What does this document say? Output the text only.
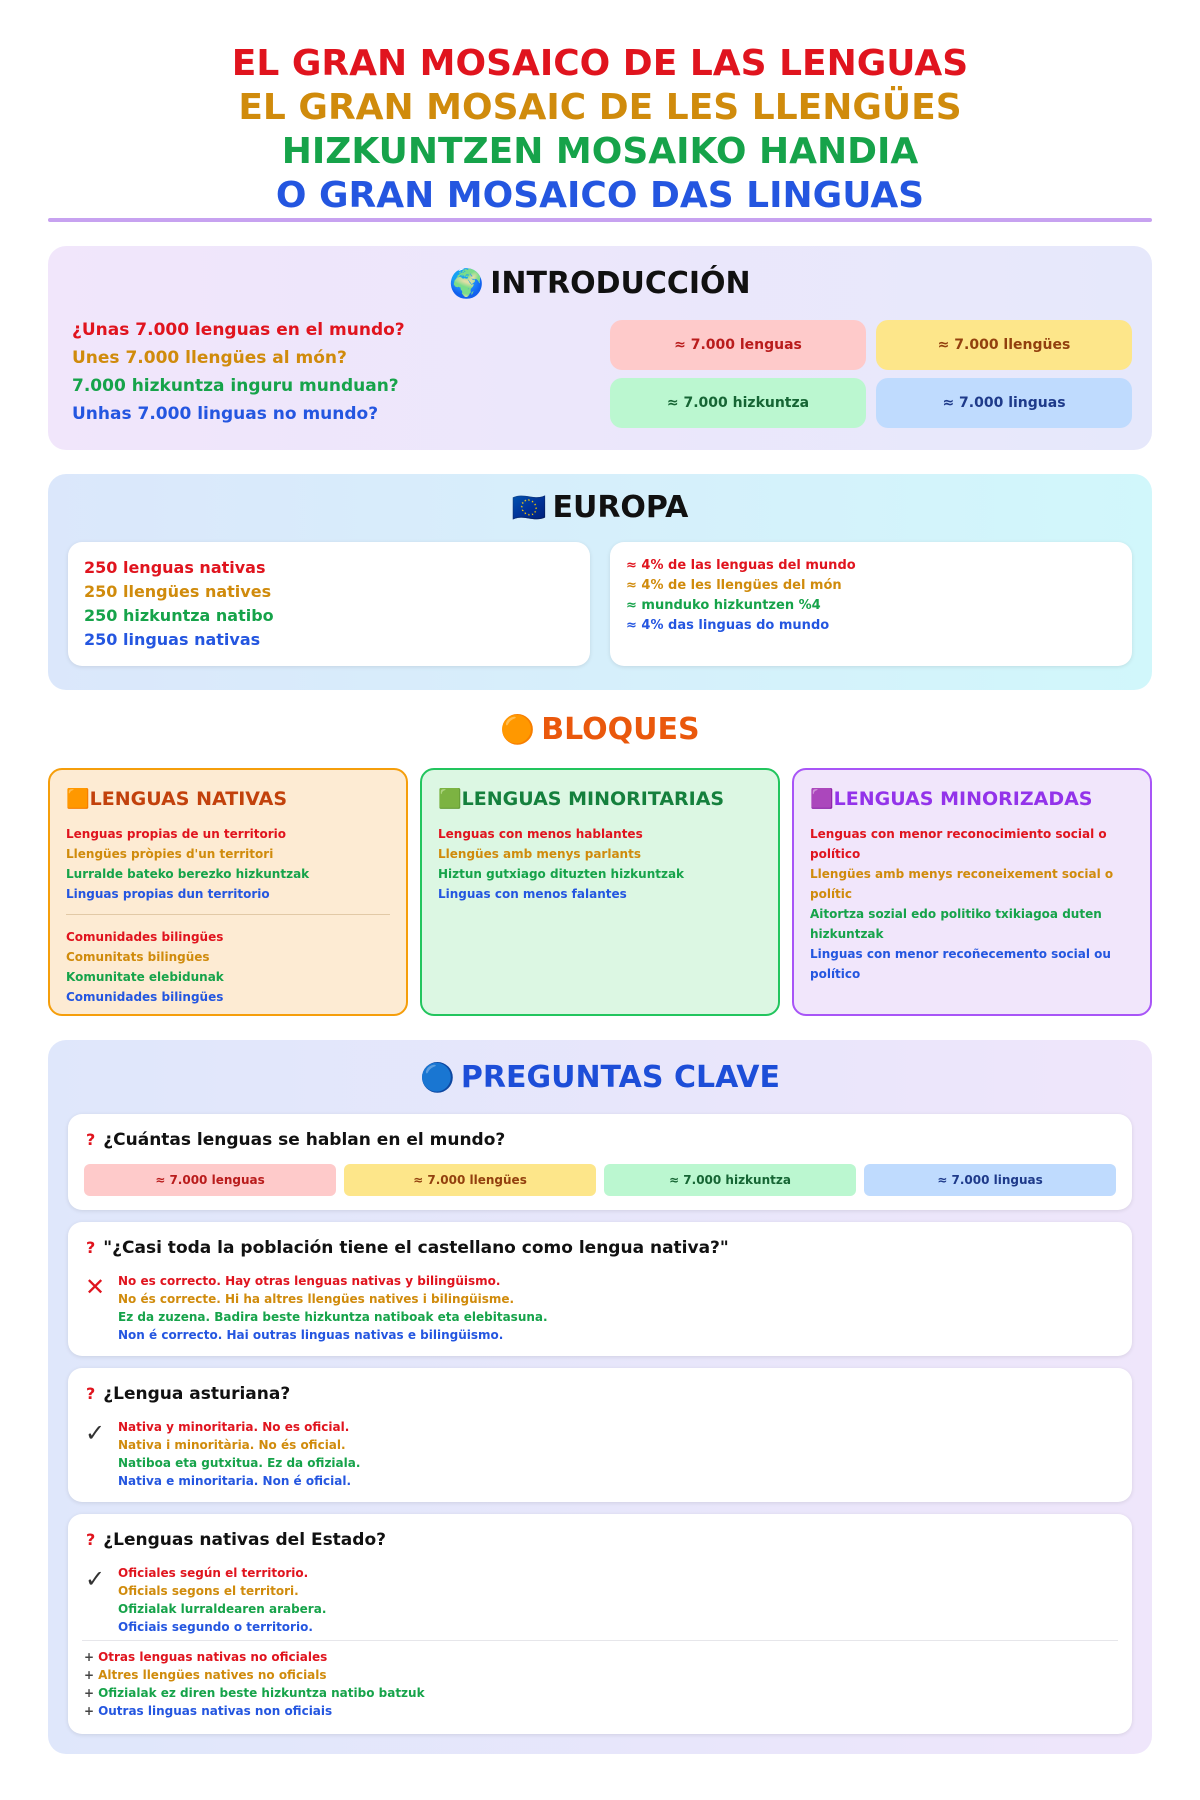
EL GRAN MOSAICO DE LAS LENGUAS
EL GRAN MOSAIC DE LES LLENGÜES
HIZKUNTZEN MOSAIKO HANDIA
O GRAN MOSAICO DAS LINGUAS
🌍 INTRODUCCIÓN
¿Unas 7.000 lenguas en el mundo?
Unes 7.000 llengües al món?
7.000 hizkuntza inguru munduan?
Unhas 7.000 linguas no mundo?
≈ 7.000 lenguas	≈ 7.000 llengües
≈ 7.000 hizkuntza	≈ 7.000 linguas
🇪🇺 EUROPA
250 lenguas nativas
250 llengües natives
250 hizkuntza natibo
250 linguas nativas
≈ 4% de las lenguas del mundo
≈ 4% de les llengües del món
≈ munduko hizkuntzen %4
≈ 4% das linguas do mundo
🟠 BLOQUES
🟧LENGUAS NATIVAS
Lenguas propias de un territorio
Llengües pròpies d'un territori
Lurralde bateko berezko hizkuntzak
Linguas propias dun territorio
Comunidades bilingües
Comunitats bilingües
Komunitate elebidunak
Comunidades bilingües
🟩LENGUAS MINORITARIAS
Lenguas con menos hablantes
Llengües amb menys parlants
Hiztun gutxiago dituzten hizkuntzak
Linguas con menos falantes
🟪LENGUAS MINORIZADAS
Lenguas con menor reconocimiento social o político
Llengües amb menys reconeixement social o polític
Aitortza sozial edo politiko txikiagoa duten hizkuntzak
Linguas con menor recoñecemento social ou político
🔵 PREGUNTAS CLAVE
? ¿Cuántas lenguas se hablan en el mundo?
≈ 7.000 lenguas	≈ 7.000 llengües	≈ 7.000 hizkuntza	≈ 7.000 linguas
? "¿Casi toda la población tiene el castellano como lengua nativa?"
✕ No es correcto. Hay otras lenguas nativas y bilingüismo.
No és correcte. Hi ha altres llengües natives i bilingüisme.
Ez da zuzena. Badira beste hizkuntza natiboak eta elebitasuna.
Non é correcto. Hai outras linguas nativas e bilingüismo.
? ¿Lengua asturiana?
✓ Nativa y minoritaria. No es oficial.
Nativa i minoritària. No és oficial.
Natiboa eta gutxitua. Ez da ofiziala.
Nativa e minoritaria. Non é oficial.
? ¿Lenguas nativas del Estado?
✓ Oficiales según el territorio.
Oficials segons el territori.
Ofizialak lurraldearen arabera.
Oficiais segundo o territorio.
+ Otras lenguas nativas no oficiales
+ Altres llengües natives no oficials
+ Ofizialak ez diren beste hizkuntza natibo batzuk
+ Outras linguas nativas non oficiais
